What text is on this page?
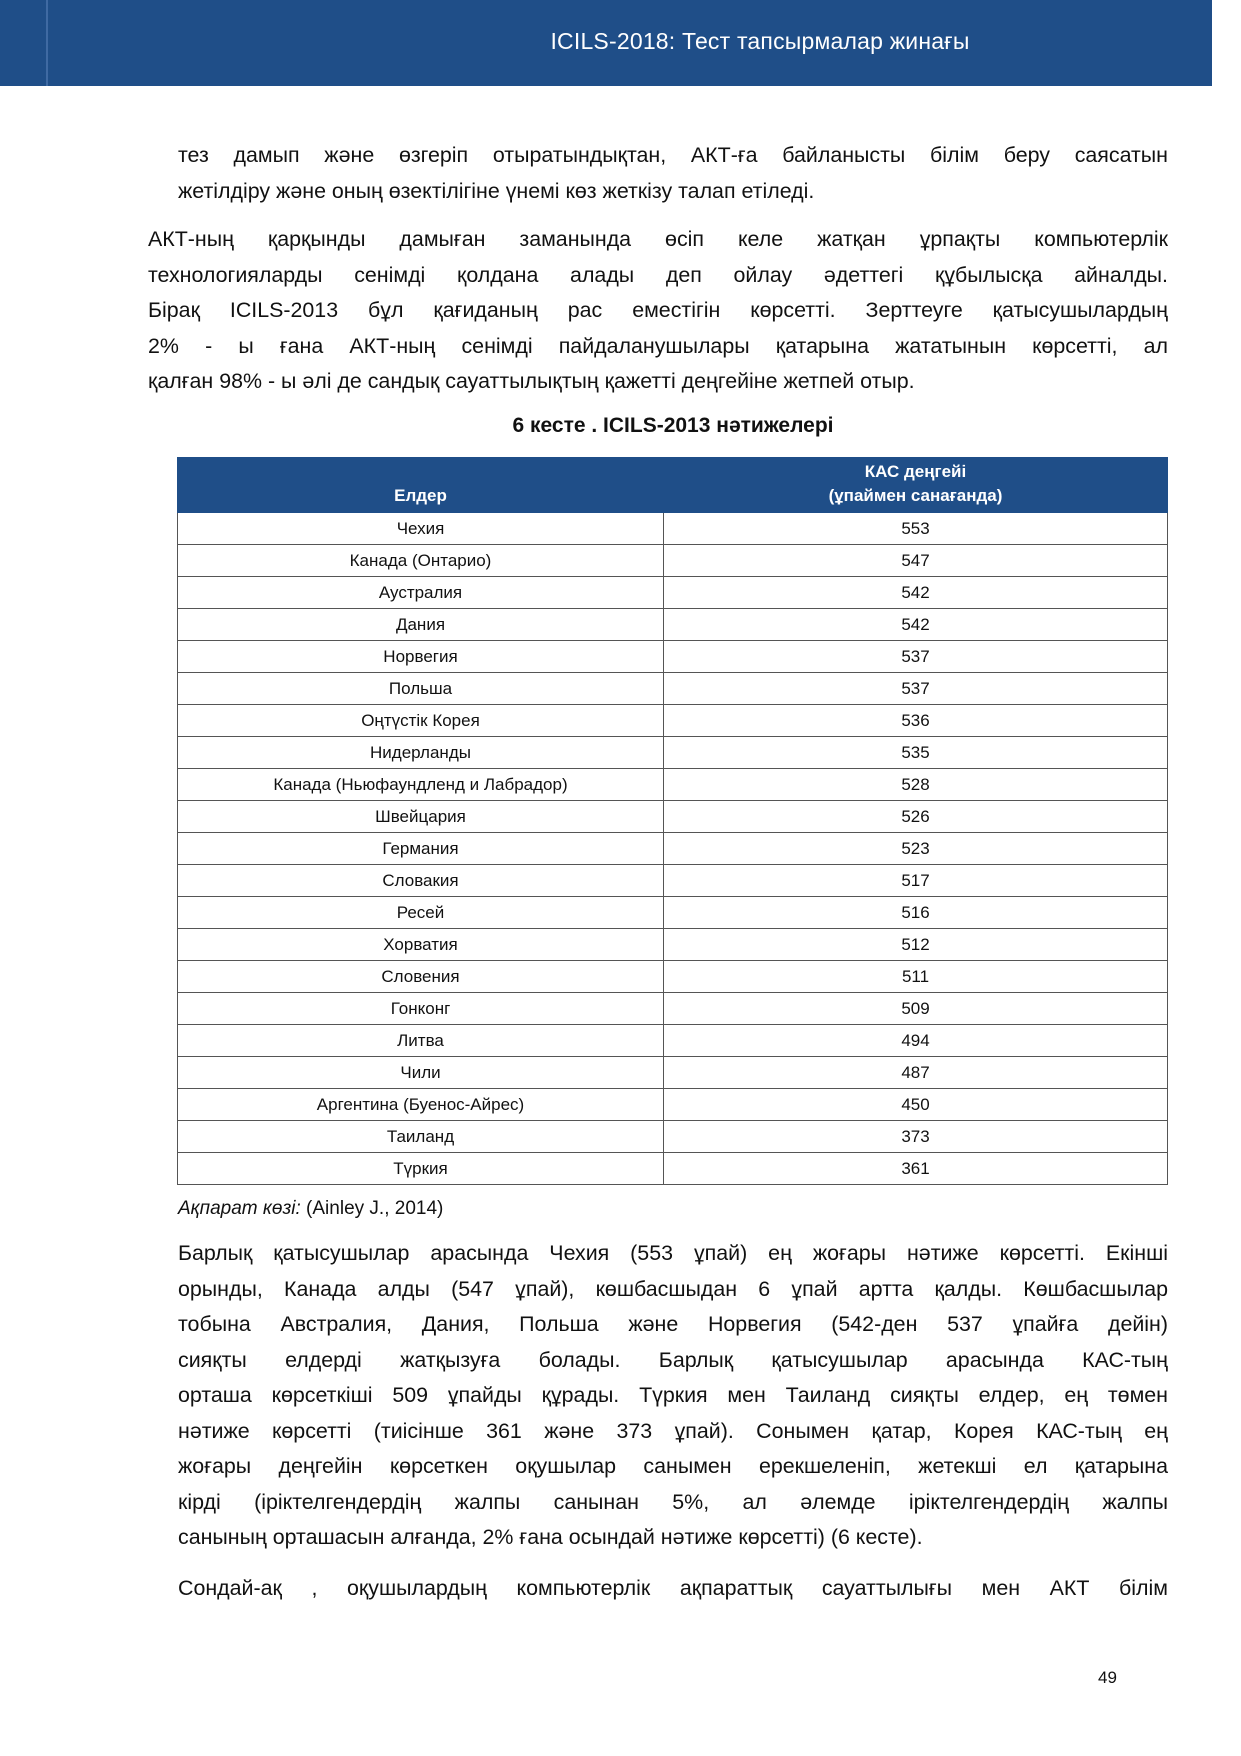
ICILS-2018: Тест тапсырмалар жинағы
тез дамып және өзгеріп отыратындықтан, АКТ-ға байланысты білім беру саясатын
жетілдіру және оның өзектілігіне үнемі көз жеткізу талап етіледі.
АКТ-ның қарқынды дамыған заманында өсіп келе жатқан ұрпақты компьютерлік
технологияларды сенімді қолдана алады деп ойлау әдеттегі құбылысқа айналды.
Бірақ ICILS-2013 бұл қағиданың рас еместігін көрсетті. Зерттеуге қатысушылардың
2% - ы ғана АКТ-ның сенімді пайдаланушылары қатарына жататынын көрсетті, ал
қалған 98% - ы әлі де сандық сауаттылықтың қажетті деңгейіне жетпей отыр.
6 кесте . ICILS-2013 нәтижелері
Елдер	КАС деңгейі
(ұпаймен санағанда)
Чехия	553
Канада (Онтарио)	547
Аустралия	542
Дания	542
Норвегия	537
Польша	537
Оңтүстік Корея	536
Нидерланды	535
Канада (Ньюфаундленд и Лабрадор)	528
Швейцария	526
Германия	523
Словакия	517
Ресей	516
Хорватия	512
Словения	511
Гонконг	509
Литва	494
Чили	487
Аргентина (Буенос-Айрес)	450
Таиланд	373
Түркия	361
Ақпарат көзі: (Ainley J., 2014)
Барлық қатысушылар арасында Чехия (553 ұпай) ең жоғары нәтиже көрсетті. Екінші
орынды, Канада алды (547 ұпай), көшбасшыдан 6 ұпай артта қалды. Көшбасшылар
тобына Австралия, Дания, Польша және Норвегия (542-ден 537 ұпайға дейін)
сияқты елдерді жатқызуға болады. Барлық қатысушылар арасында КАС-тың
орташа көрсеткіші 509 ұпайды құрады. Түркия мен Таиланд сияқты елдер, ең төмен
нәтиже көрсетті (тиісінше 361 және 373 ұпай). Сонымен қатар, Корея КАС-тың ең
жоғары деңгейін көрсеткен оқушылар санымен ерекшеленіп, жетекші ел қатарына
кірді (іріктелгендердің жалпы санынан 5%, ал әлемде іріктелгендердің жалпы
санының орташасын алғанда, 2% ғана осындай нәтиже көрсетті) (6 кесте).
Сондай-ақ , оқушылардың компьютерлік ақпараттық сауаттылығы мен АКТ білім
49
